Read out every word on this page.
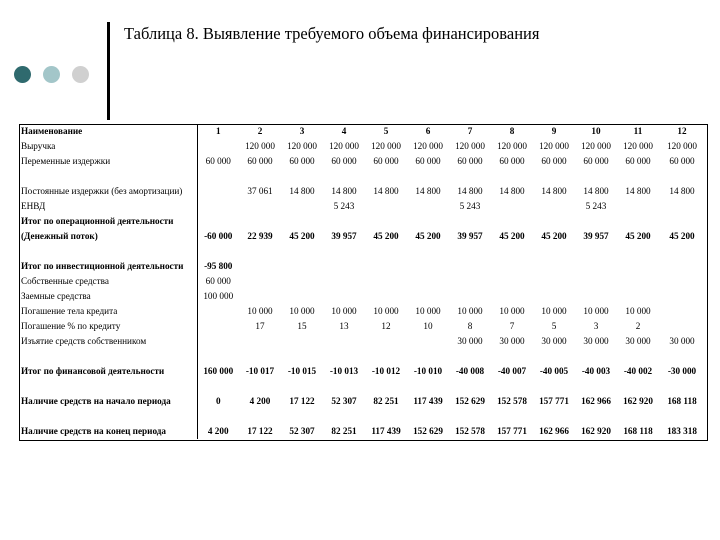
Таблица 8. Выявление требуемого объема финансирования
Наименование	1	2	3	4	5	6	7	8	9	10	11	12
Выручка		120 000	120 000	120 000	120 000	120 000	120 000	120 000	120 000	120 000	120 000	120 000
Переменные издержки	60 000	60 000	60 000	60 000	60 000	60 000	60 000	60 000	60 000	60 000	60 000	60 000
Постоянные издержки (без амортизации)		37 061	14 800	14 800	14 800	14 800	14 800	14 800	14 800	14 800	14 800	14 800
ЕНВД				5 243			5 243			5 243		
Итог по операционной деятельности (Денежный поток)	-60 000	22 939	45 200	39 957	45 200	45 200	39 957	45 200	45 200	39 957	45 200	45 200
Итог по инвестиционной деятельности	-95 800											
Собственные средства	60 000											
Заемные средства	100 000											
Погашение тела кредита		10 000	10 000	10 000	10 000	10 000	10 000	10 000	10 000	10 000	10 000	
Погашение % по кредиту		17	15	13	12	10	8	7	5	3	2	
Изъятие средств собственником							30 000	30 000	30 000	30 000	30 000	30 000
Итог по финансовой деятельности	160 000	-10 017	-10 015	-10 013	-10 012	-10 010	-40 008	-40 007	-40 005	-40 003	-40 002	-30 000
Наличие средств на начало периода	0	4 200	17 122	52 307	82 251	117 439	152 629	152 578	157 771	162 966	162 920	168 118
Наличие средств на конец периода	4 200	17 122	52 307	82 251	117 439	152 629	152 578	157 771	162 966	162 920	168 118	183 318
